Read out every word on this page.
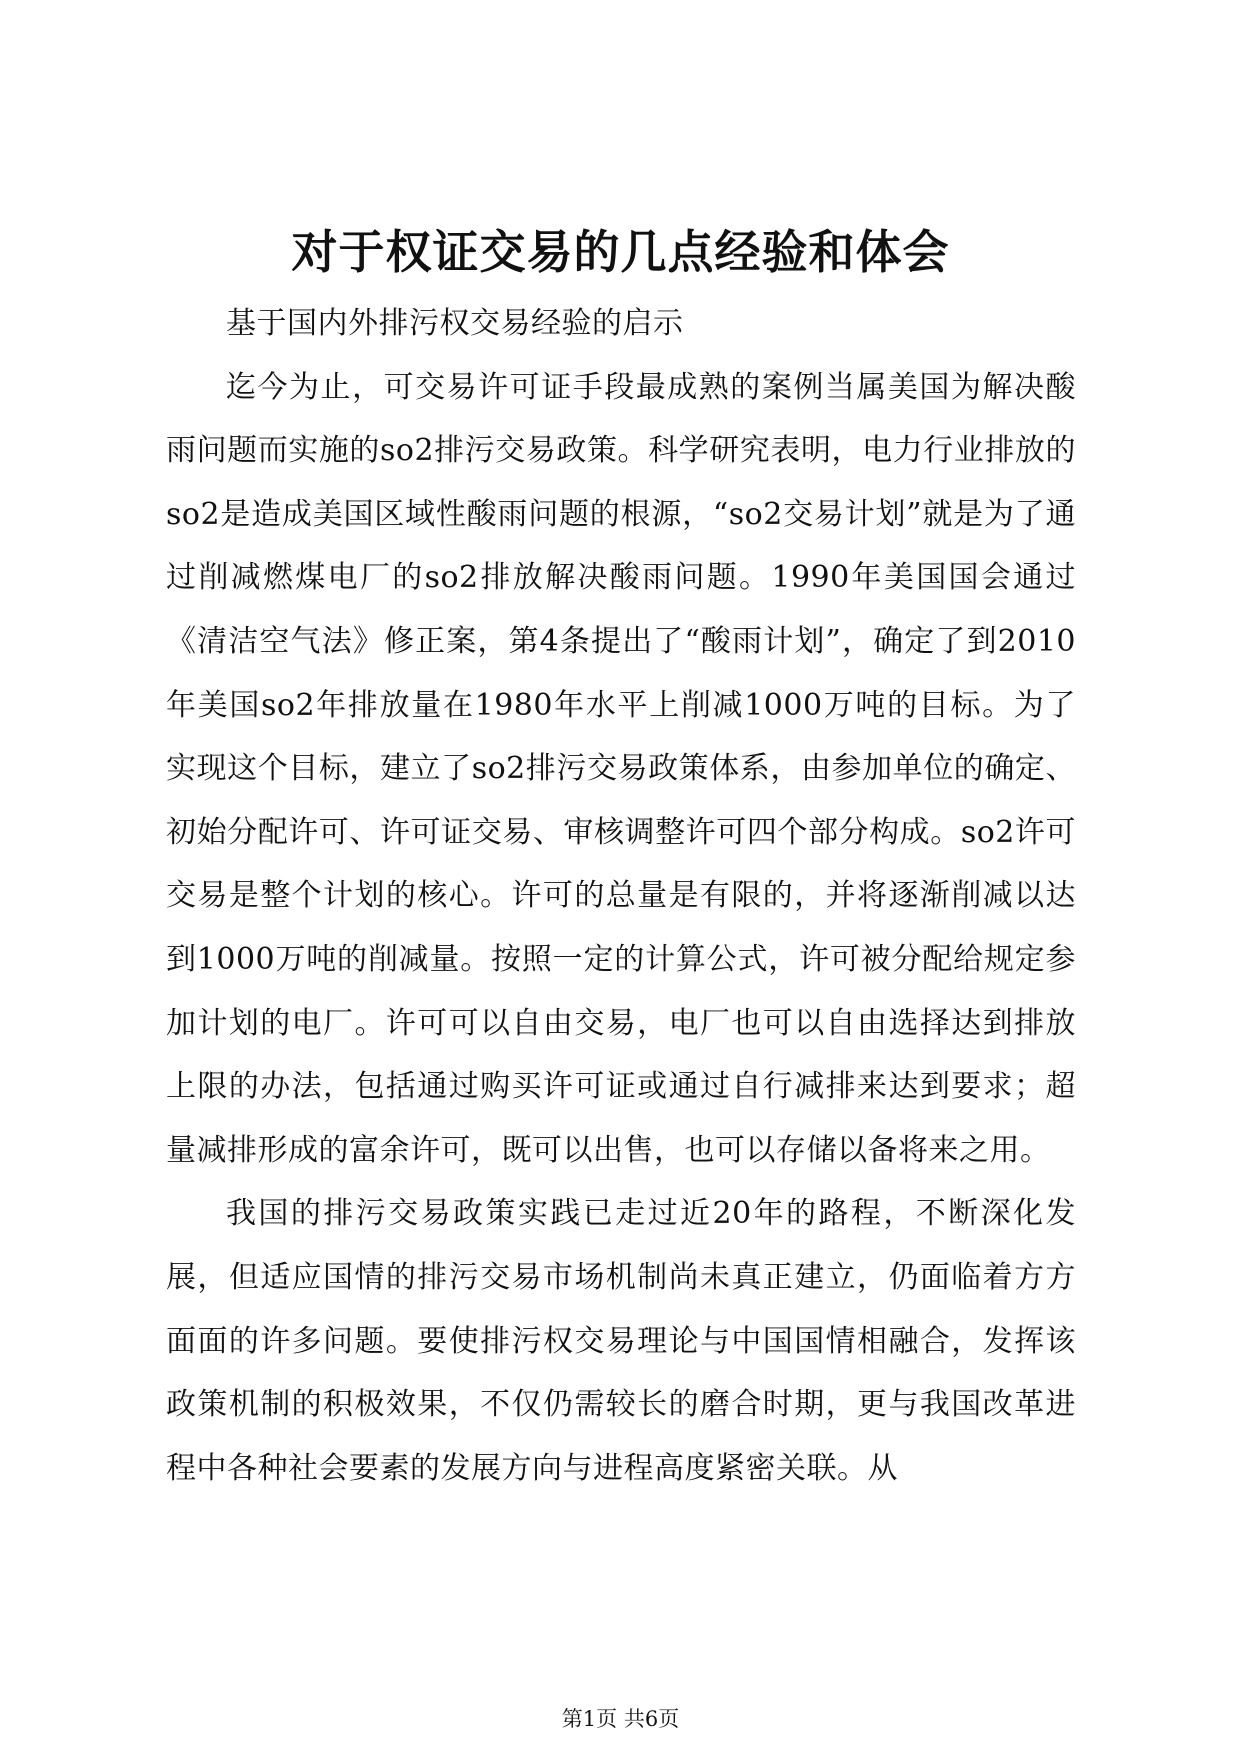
对于权证交易的几点经验和体会

基于国内外排污权交易经验的启示

迄今为止，可交易许可证手段最成熟的案例当属美国为解决酸雨问题而实施的so2排污交易政策。科学研究表明，电力行业排放的so2是造成美国区域性酸雨问题的根源，“so2交易计划”就是为了通过削减燃煤电厂的so2排放解决酸雨问题。1990年美国国会通过《清洁空气法》修正案，第4条提出了“酸雨计划”，确定了到2010年美国so2年排放量在1980年水平上削减1000万吨的目标。为了实现这个目标，建立了so2排污交易政策体系，由参加单位的确定、初始分配许可、许可证交易、审核调整许可四个部分构成。so2许可交易是整个计划的核心。许可的总量是有限的，并将逐渐削减以达到1000万吨的削减量。按照一定的计算公式，许可被分配给规定参加计划的电厂。许可可以自由交易，电厂也可以自由选择达到排放上限的办法，包括通过购买许可证或通过自行减排来达到要求；超量减排形成的富余许可，既可以出售，也可以存储以备将来之用。

我国的排污交易政策实践已走过近20年的路程，不断深化发展，但适应国情的排污交易市场机制尚未真正建立，仍面临着方方面面的许多问题。要使排污权交易理论与中国国情相融合，发挥该政策机制的积极效果，不仅仍需较长的磨合时期，更与我国改革进程中各种社会要素的发展方向与进程高度紧密关联。从

第1页 共6页
